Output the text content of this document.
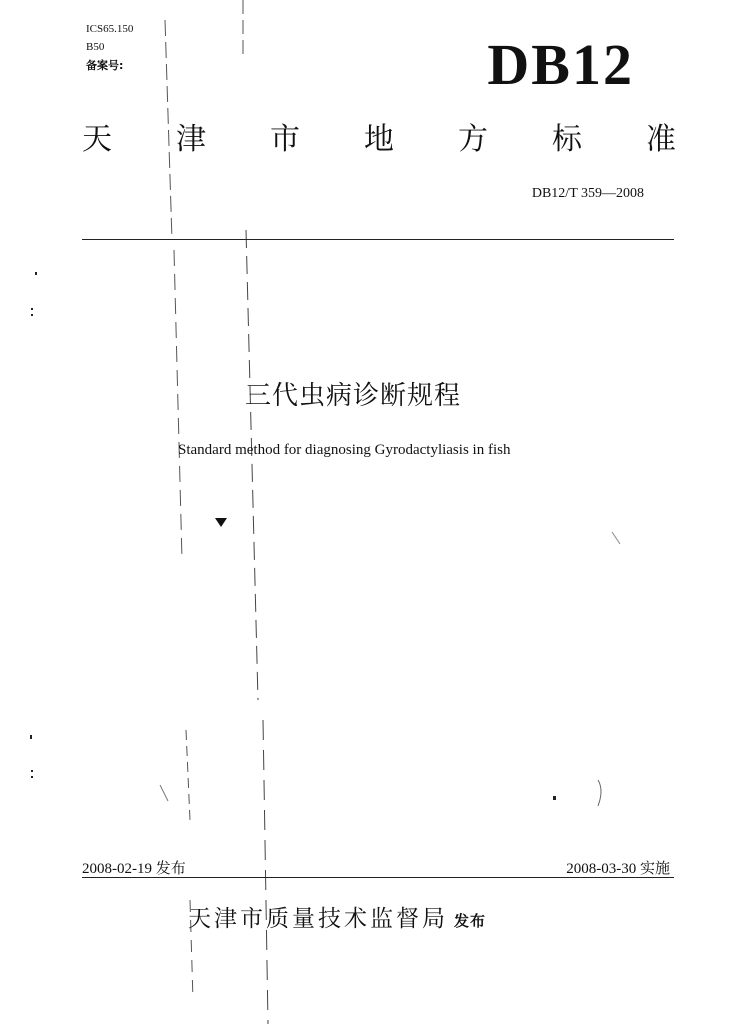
ICS65.150
B50
备案号:	DB12
天 津 市 地 方 标 准
DB12/T 359—2008
三代虫病诊断规程
Standard method for diagnosing Gyrodactyliasis in fish
2008-02-19 发布	2008-03-30 实施
天津市质量技术监督局 发布
